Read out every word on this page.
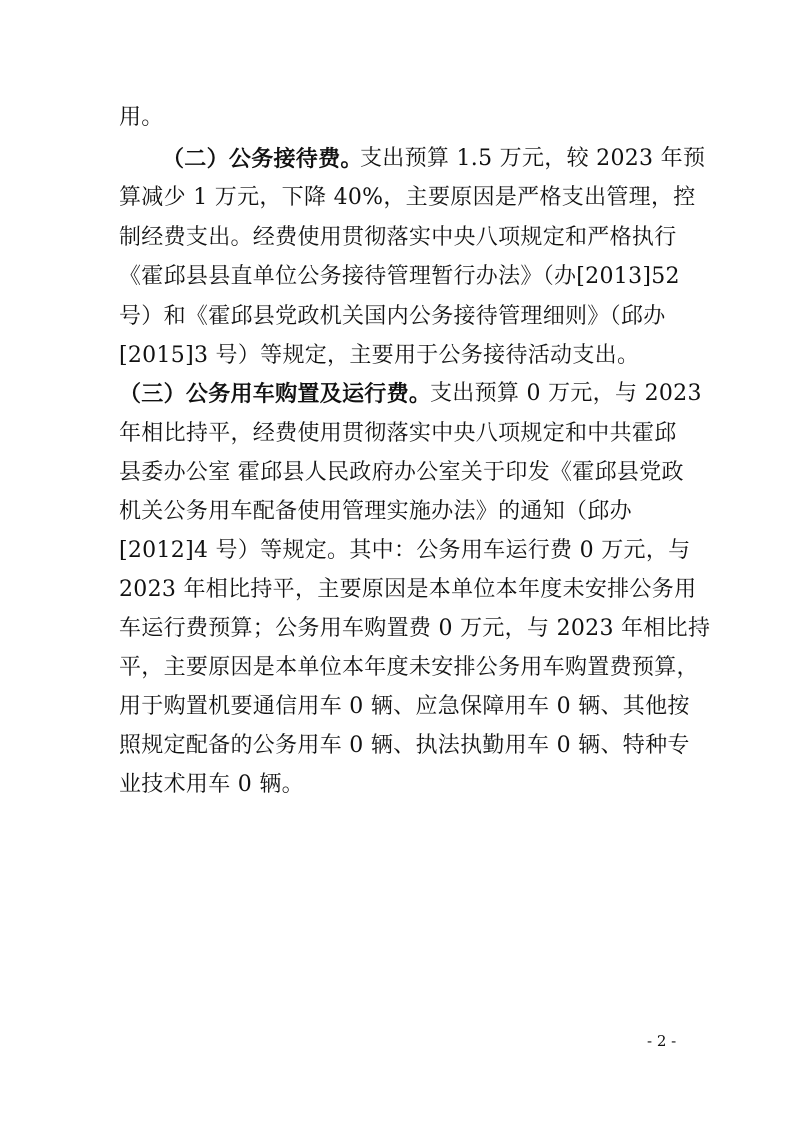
用。
（二）公务接待费。
支出预算 1.5 万元，较 2023 年预
算减少 1 万元，下降 40%，主要原因是严格支出管理，控
制经费支出。经费使用贯彻落实中央八项规定和严格执行
《霍邱县县直单位公务接待管理暂行办法》（办[2013]52
号）和《霍邱县党政机关国内公务接待管理细则》（邱办
[2015]3 号）等规定，主要用于公务接待活动支出。
（三）公务用车购置及运行费。
支出预算 0 万元，与 2023
年相比持平，经费使用贯彻落实中央八项规定和中共霍邱
县委办公室 霍邱县人民政府办公室关于印发《霍邱县党政
机关公务用车配备使用管理实施办法》的通知（邱办
[2012]4 号）等规定。其中：公务用车运行费 0 万元，与
2023 年相比持平，主要原因是本单位本年度未安排公务用
车运行费预算；公务用车购置费 0 万元，与 2023 年相比持
平，主要原因是本单位本年度未安排公务用车购置费预算，
用于购置机要通信用车 0 辆、应急保障用车 0 辆、其他按
照规定配备的公务用车 0 辆、执法执勤用车 0 辆、特种专
业技术用车 0 辆。
- 2 -
